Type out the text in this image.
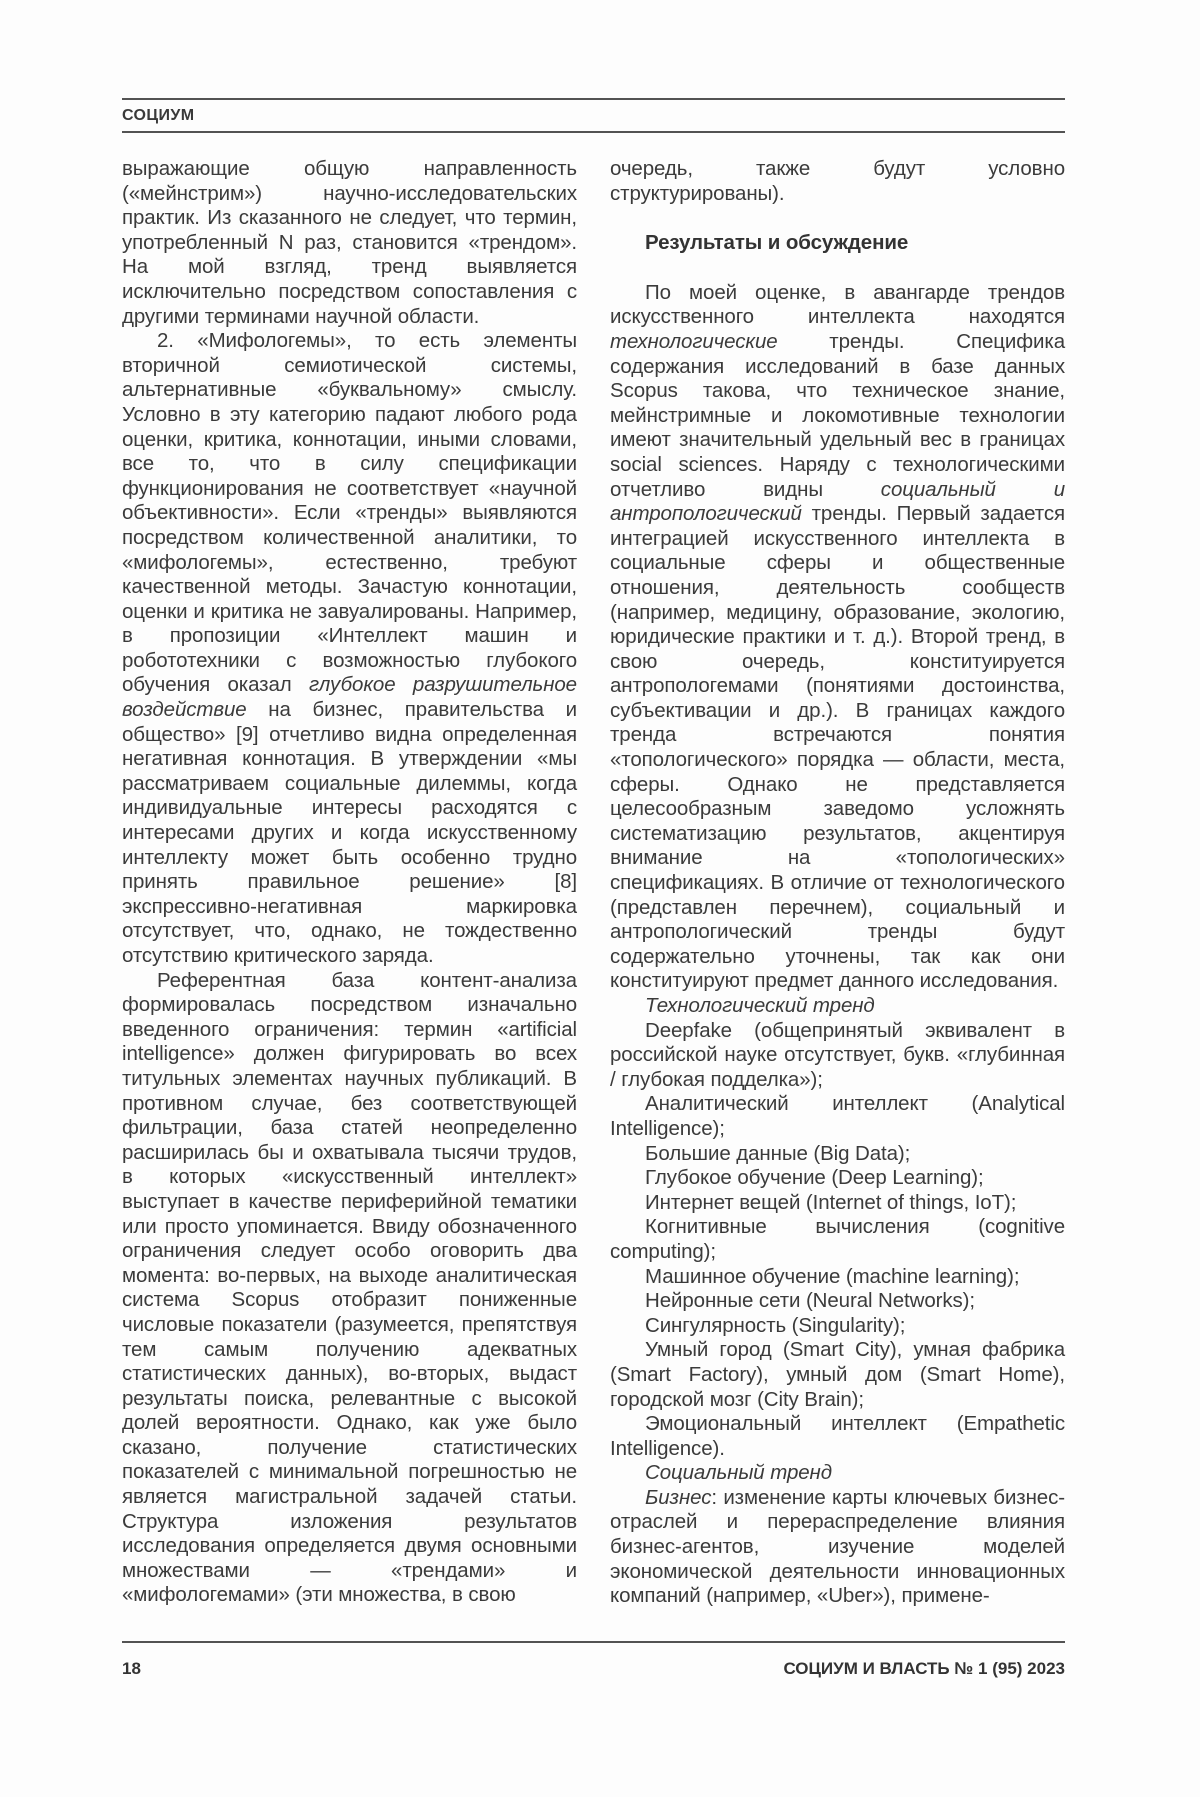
СОЦИУМ

выражающие общую направленность («мейнстрим») научно-исследовательских практик. Из сказанного не следует, что термин, употребленный N раз, становится «трендом». На мой взгляд, тренд выявляется исключительно посредством сопоставления с другими терминами научной области.

2. «Мифологемы», то есть элементы вторичной семиотической системы, альтернативные «буквальному» смыслу. Условно в эту категорию падают любого рода оценки, критика, коннотации, иными словами, все то, что в силу спецификации функционирования не соответствует «научной объективности». Если «тренды» выявляются посредством количественной аналитики, то «мифологемы», естественно, требуют качественной методы. Зачастую коннотации, оценки и критика не завуалированы. Например, в пропозиции «Интеллект машин и робототехники с возможностью глубокого обучения оказал глубокое разрушительное воздействие на бизнес, правительства и общество» [9] отчетливо видна определенная негативная коннотация. В утверждении «мы рассматриваем социальные дилеммы, когда индивидуальные интересы расходятся с интересами других и когда искусственному интеллекту может быть особенно трудно принять правильное решение» [8] экспрессивно-негативная маркировка отсутствует, что, однако, не тождественно отсутствию критического заряда.

Референтная база контент-анализа формировалась посредством изначально введенного ограничения: термин «artificial intelligence» должен фигурировать во всех титульных элементах научных публикаций. В противном случае, без соответствующей фильтрации, база статей неопределенно расширилась бы и охватывала тысячи трудов, в которых «искусственный интеллект» выступает в качестве периферийной тематики или просто упоминается. Ввиду обозначенного ограничения следует особо оговорить два момента: во-первых, на выходе аналитическая система Scopus отобразит пониженные числовые показатели (разумеется, препятствуя тем самым получению адекватных статистических данных), во-вторых, выдаст результаты поиска, релевантные с высокой долей вероятности. Однако, как уже было сказано, получение статистических показателей с минимальной погрешностью не является магистральной задачей статьи. Структура изложения результатов исследования определяется двумя основными множествами — «трендами» и «мифологемами» (эти множества, в свою

очередь, также будут условно структурированы).

Результаты и обсуждение

По моей оценке, в авангарде трендов искусственного интеллекта находятся технологические тренды. Специфика содержания исследований в базе данных Scopus такова, что техническое знание, мейнстримные и локомотивные технологии имеют значительный удельный вес в границах social sciences. Наряду с технологическими отчетливо видны социальный и антропологический тренды. Первый задается интеграцией искусственного интеллекта в социальные сферы и общественные отношения, деятельность сообществ (например, медицину, образование, экологию, юридические практики и т. д.). Второй тренд, в свою очередь, конституируется антропологемами (понятиями достоинства, субъективации и др.). В границах каждого тренда встречаются понятия «топологического» порядка — области, места, сферы. Однако не представляется целесообразным заведомо усложнять систематизацию результатов, акцентируя внимание на «топологических» спецификациях. В отличие от технологического (представлен перечнем), социальный и антропологический тренды будут содержательно уточнены, так как они конституируют предмет данного исследования.

Технологический тренд

Deepfake (общепринятый эквивалент в российской науке отсутствует, букв. «глубинная / глубокая подделка»);

Аналитический интеллект (Analytical Intelligence);

Большие данные (Big Data);

Глубокое обучение (Deep Learning);

Интернет вещей (Internet of things, IoT);

Когнитивные вычисления (cognitive computing);

Машинное обучение (machine learning);

Нейронные сети (Neural Networks);

Сингулярность (Singularity);

Умный город (Smart City), умная фабрика (Smart Factory), умный дом (Smart Home), городской мозг (City Brain);

Эмоциональный интеллект (Empathetic Intelligence).

Социальный тренд

Бизнес: изменение карты ключевых бизнес-отраслей и перераспределение влияния бизнес-агентов, изучение моделей экономической деятельности инновационных компаний (например, «Uber»), примене-

18	СОЦИУМ И ВЛАСТЬ № 1 (95) 2023
